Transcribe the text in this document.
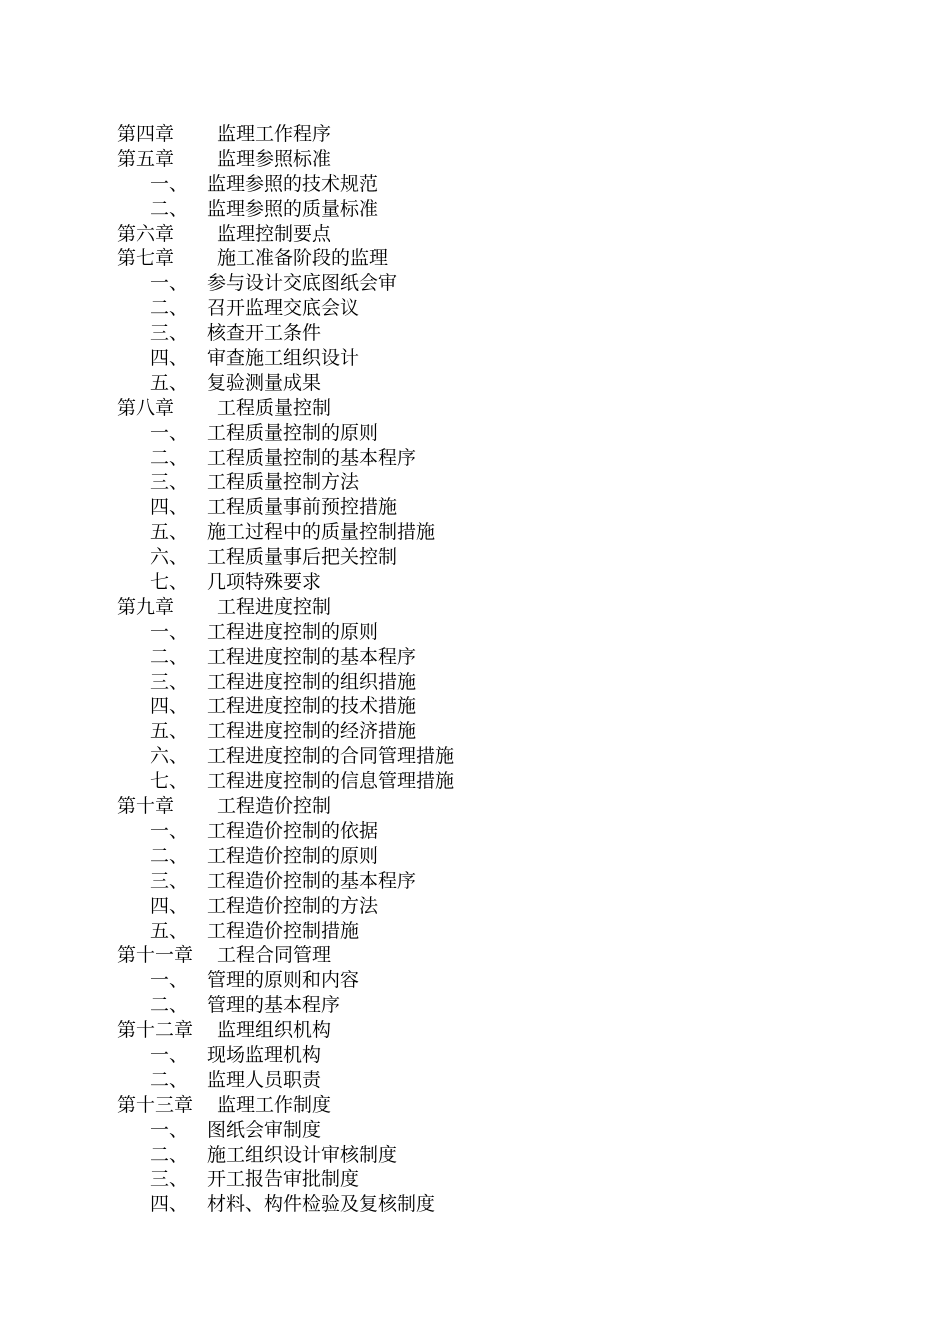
第四章 监理工作程序
第五章 监理参照标准
一、 监理参照的技术规范
二、 监理参照的质量标准
第六章 监理控制要点
第七章 施工准备阶段的监理
一、 参与设计交底图纸会审
二、 召开监理交底会议
三、 核查开工条件
四、 审查施工组织设计
五、 复验测量成果
第八章 工程质量控制
一、 工程质量控制的原则
二、 工程质量控制的基本程序
三、 工程质量控制方法
四、 工程质量事前预控措施
五、 施工过程中的质量控制措施
六、 工程质量事后把关控制
七、 几项特殊要求
第九章 工程进度控制
一、 工程进度控制的原则
二、 工程进度控制的基本程序
三、 工程进度控制的组织措施
四、 工程进度控制的技术措施
五、 工程进度控制的经济措施
六、 工程进度控制的合同管理措施
七、 工程进度控制的信息管理措施
第十章 工程造价控制
一、 工程造价控制的依据
二、 工程造价控制的原则
三、 工程造价控制的基本程序
四、 工程造价控制的方法
五、 工程造价控制措施
第十一章 工程合同管理
一、 管理的原则和内容
二、 管理的基本程序
第十二章 监理组织机构
一、 现场监理机构
二、 监理人员职责
第十三章 监理工作制度
一、 图纸会审制度
二、 施工组织设计审核制度
三、 开工报告审批制度
四、 材料、构件检验及复核制度
